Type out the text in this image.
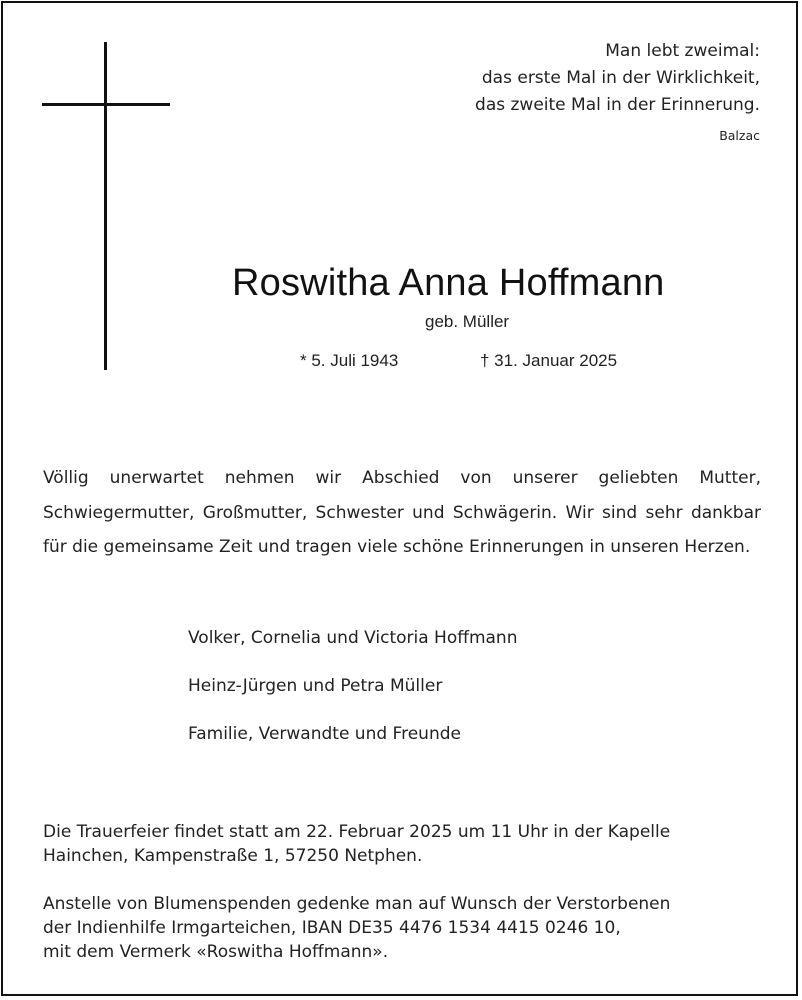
Man lebt zweimal:
das erste Mal in der Wirklichkeit,
das zweite Mal in der Erinnerung.
Balzac
Roswitha Anna Hoffmann
geb. Müller
* 5. Juli 1943	† 31. Januar 2025
Völlig unerwartet nehmen wir Abschied von unserer geliebten Mutter, Schwiegermutter, Großmutter, Schwester und Schwägerin. Wir sind sehr dankbar für die gemeinsame Zeit und tragen viele schöne Erinnerungen in unseren Herzen.
Volker, Cornelia und Victoria Hoffmann
Heinz-Jürgen und Petra Müller
Familie, Verwandte und Freunde
Die Trauerfeier findet statt am 22. Februar 2025 um 11 Uhr in der Kapelle
Hainchen, Kampenstraße 1, 57250 Netphen.
Anstelle von Blumenspenden gedenke man auf Wunsch der Verstorbenen
der Indienhilfe Irmgarteichen, IBAN DE35 4476 1534 4415 0246 10,
mit dem Vermerk «Roswitha Hoffmann».
